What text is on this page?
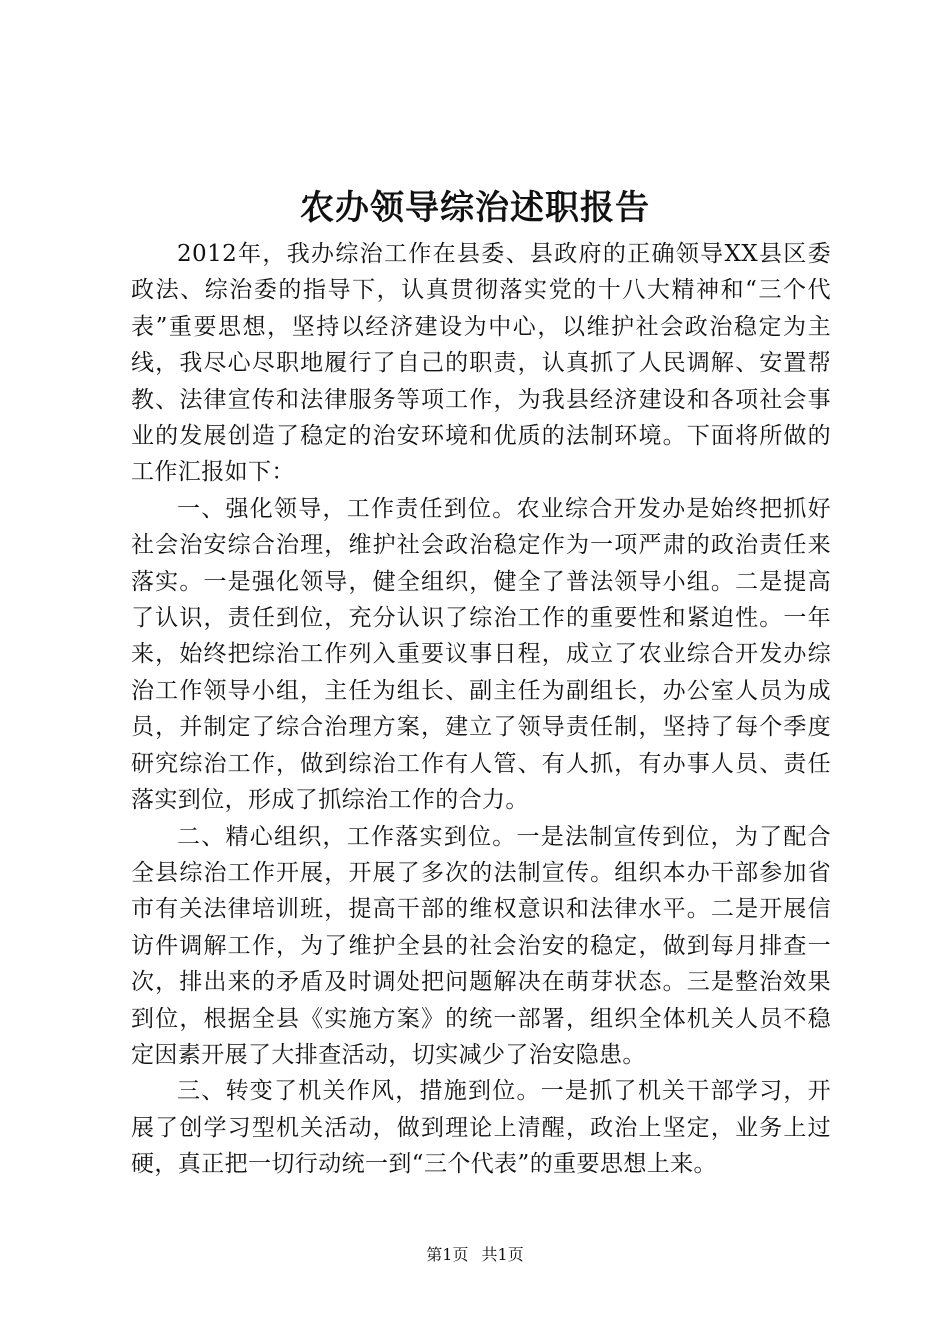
农办领导综治述职报告

2012年，我办综治工作在县委、县政府的正确领导XX县区委政法、综治委的指导下，认真贯彻落实党的十八大精神和“三个代表”重要思想，坚持以经济建设为中心，以维护社会政治稳定为主线，我尽心尽职地履行了自己的职责，认真抓了人民调解、安置帮教、法律宣传和法律服务等项工作，为我县经济建设和各项社会事业的发展创造了稳定的治安环境和优质的法制环境。下面将所做的工作汇报如下：

一、强化领导，工作责任到位。农业综合开发办是始终把抓好社会治安综合治理，维护社会政治稳定作为一项严肃的政治责任来落实。一是强化领导，健全组织，健全了普法领导小组。二是提高了认识，责任到位，充分认识了综治工作的重要性和紧迫性。一年来，始终把综治工作列入重要议事日程，成立了农业综合开发办综治工作领导小组，主任为组长、副主任为副组长，办公室人员为成员，并制定了综合治理方案，建立了领导责任制，坚持了每个季度研究综治工作，做到综治工作有人管、有人抓，有办事人员、责任落实到位，形成了抓综治工作的合力。

二、精心组织，工作落实到位。一是法制宣传到位，为了配合全县综治工作开展，开展了多次的法制宣传。组织本办干部参加省市有关法律培训班，提高干部的维权意识和法律水平。二是开展信访件调解工作，为了维护全县的社会治安的稳定，做到每月排查一次，排出来的矛盾及时调处把问题解决在萌芽状态。三是整治效果到位，根据全县《实施方案》的统一部署，组织全体机关人员不稳定因素开展了大排查活动，切实减少了治安隐患。

三、转变了机关作风，措施到位。一是抓了机关干部学习，开展了创学习型机关活动，做到理论上清醒，政治上坚定，业务上过硬，真正把一切行动统一到“三个代表”的重要思想上来。

第1页 共1页
